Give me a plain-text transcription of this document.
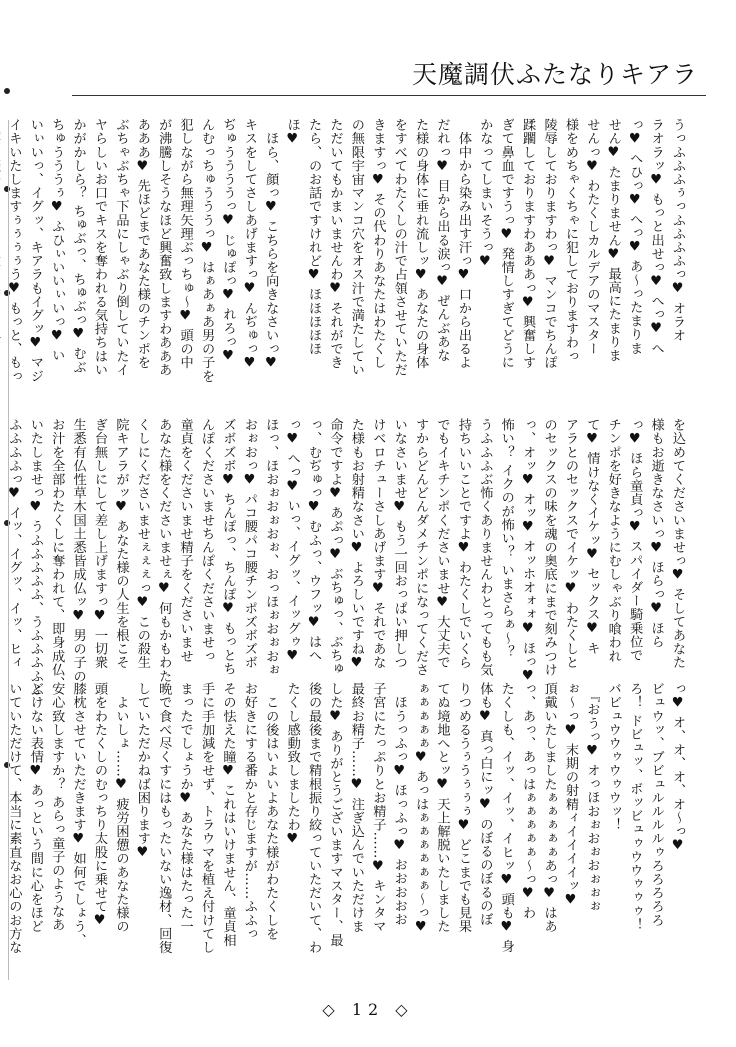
天魔調伏ふたなりキアラ
うっふふふぅっふふふふっ♥ オラオ
ラオラッ♥ もっと出せっ♥ へっ♥ へ
っ♥ へひっ♥ へっ♥ あ〜ったまりま
せん♥ たまりません♥ 最高にたまりま
せんっ♥ わたくしカルデアのマスター
様をめちゃくちゃに犯しておりますわっ
陵辱しておりますわっ♥ マンコでちんぽ
蹂躙しておりますわあああっ♥ 興奮しす
ぎて鼻血ですうっ♥ 発情しすぎてどうに
かなってしまいそうっ♥
　体中から染み出す汗っ♥ 口から出るよ
だれっ♥ 目から出る涙っ♥ ぜんぶあな
た様の身体に垂れ流しッ♥ あなたの身体
をすべてわたくしの汁で占領させていただ
きますっ♥ その代わりあなたはわたくし
の無限宇宙マンコ穴をオス汁で満たしてい
ただいてもかまいませんわ♥ それができ
たら、のお話ですけれど♥ ほほほほほ
ほ♥
　ほら、顔っ♥ こちらを向きなさいっ♥
キスをしてさしあげますっ♥ んぢゅっ♥
ぢゅううううっ♥ じゅぽっ♥ れろっ♥
んむっちゅうううっ♥ はぁあぁあ男の子を
犯しながら無理矢理ぶっちゅ〜♥ 頭の中
が沸騰しそうなほど興奮致しますわあああ
あああ♥ 先ほどまであなた様のチンポを
ぶちゃぶちゃ下品にしゃぶり倒していたイ
ヤらしいお口でキスを奪われる気持ちはい
かがかしら？ ちゅぶっ、ちゅぶっ♥ むぶ
ちゅうううぅ♥ ふひぃいいぃいっ♥ い
いぃいっ、イグッ、キアラもイグッ♥ マジ
イキいたしますぅぅぅぅう♥ もっと、もっ

を込めてくださいませっ♥ そしてあなた
様もお逝きなさいっ♥ ほらっ♥ ほら
っ♥ ほら童貞っ♥ スパイダー騎乗位で
チンポを好きなようにむしゃぶり喰われ
て♥ 情けなくイケッ♥ セックス♥ キ
アラとのセックスでイケッ♥ わたくしと
のセックスの味を魂の奥底にまで刻みつけ
っ、オッ♥ オッ♥ オッホオォォ♥ ほっ♥
怖い？ イクのが怖い？ いまさらぁ〜？
うふふふぶ怖くありませんわとってもも気
持ちいいことですよ♥ わたくしでいくら
でもイキチンポくださいませ♥ 大丈夫で
すからどんどんダメチンポになってくださ
いなさいませ♥ もう一回おっぱい押しつ
けベロチューさしあげます♥ それであな
た様もお射精なさい♥ よろしいですね♥
命令ですよ♥ あぷっ♥ ぶちゅっ、ぶちゅ
っ、むぢゅっ♥ むふっ、ウフッ♥ はへ
っ♥ へっ♥ いっ、イグッ、イッグゥ♥
ほっ、ほおぉおぉおぉ、おっほぉおぉおぉ
おぉおっ♥ パコ腰パコ腰チンポズボズボ
ズボズボ♥ ちんぽっ、ちんぽ♥ もっとち
んぽくださいませちんぽくださいませっ
童貞をくださいませ精子をくださいませ
あなた様をくださいませぇ♥ 何もかもわた
くしにくださいませぇぇぇっ♥ この殺生
院キアラがッ♥ あなた様の人生を根こそ
ぎ台無しにして差し上げますっ♥ 一切衆
生悉有仏性草木国土悉皆成仏ッ♥ 男の子の
お汁を全部わたくしに奪われて、即身成仏、
いたしませっ♥ うふふふふふ、うふふふふふ
ふふふふっ♥ イッ、イグッ、イッ、ヒィ

っ♥ オ、オ、オ、オ〜っ♥
ビュウッ、ブビュルルルルゥろろろろろ
ろ！ ドビュッ、ボッビュゥウウゥゥゥ！
バビュウウゥウゥウッ！
　『おうっ♥ オっほおぉおぉおぉぉぉ
ぉ〜っ♥ 末期の射精ィイイイイッ♥
頂戴いたしましたぁぁぁぁぁあっ♥ はあ
っ、あっ、あっはぁぁぁぁぁ〜っ♥ わ
たくしも、イッ、イッ、イヒッ♥ 頭も♥ 身
体も♥ 真っ白にッ♥ のぼるのぼるのぼ
りつめるうぅうぅぅぅ♥ どこまでも見果
てぬ境地へとッ♥ 天上解脱いたしました
ぁぁぁぁぁ♥ あっはぁぁぁぁぁぁ〜っ♥
　ほうっふっ♥ ほっふっ♥ おおおおお
子宮にたっぷりとお精子……♥ キンタマ
最終お精子……♥ 注ぎ込んでいただけま
した♥ ありがとうございますマスター、最
後の最後まで精根振り絞っていただいて、わ
たくし感動致しましたわ♥
　この後はいよいよあなた様がわたくしを
お好きにする番かと存じますが……ふふっ
その怯えた瞳♥ これはいけません、童貞相
手に手加減をせず、トラウマを植え付けてし
まったでしょうか♥ あなた様はたった一
晩で食べ尽くすにはもったいない逸材、回復
していただかねば困ります♥
　よいしょ……♥ 疲労困憊のあなた様の
頭をわたくしのむっちり太股に乗せて♥
膝枕させていただきます♥ 如何でしょう、
安心致しますか？ あらっ童子のようなあ
どけない表情♥ あっという間に心をほど
いていただけて、本当に素直なお心のお方な
◇ 12 ◇
